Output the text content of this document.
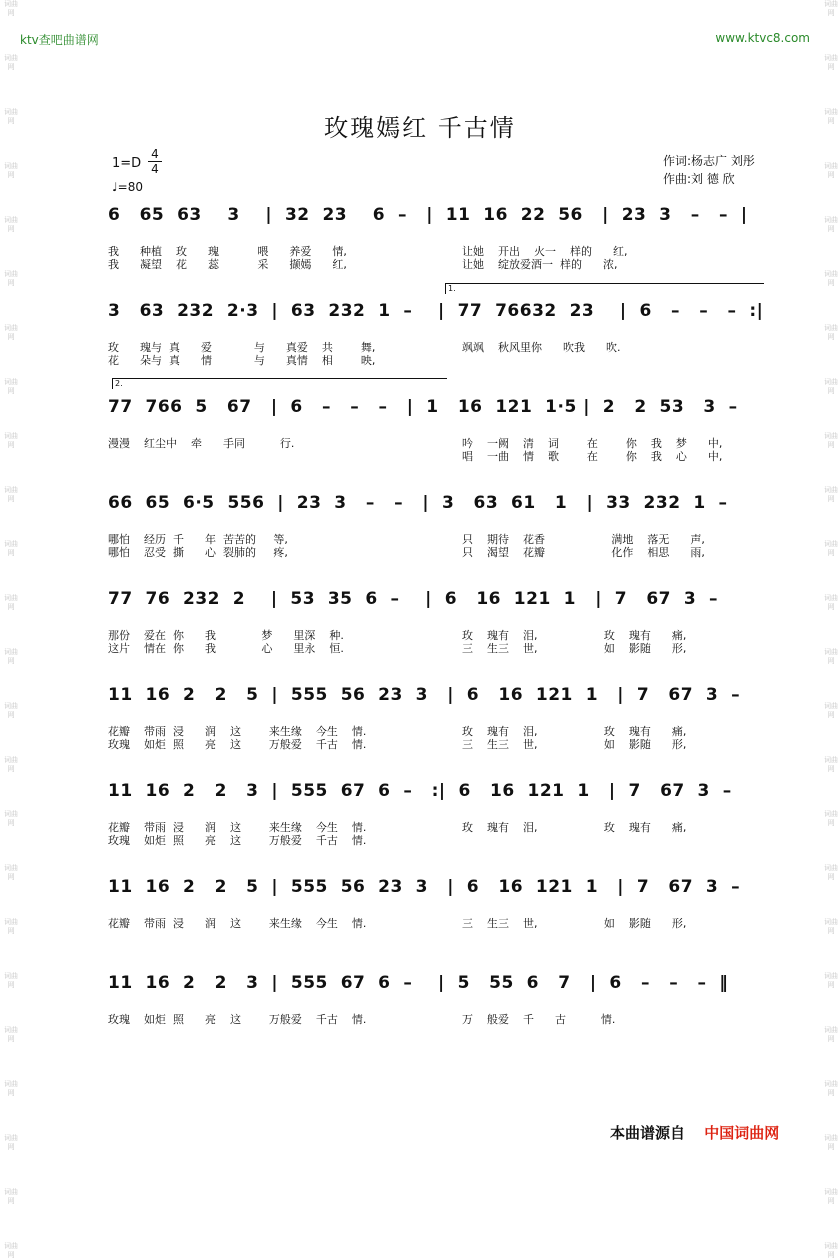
ktv查吧曲谱网	www.ktvc8.com
词曲网
词曲网
词曲网
词曲网
词曲网
词曲网
词曲网
词曲网
词曲网
词曲网
词曲网
词曲网
词曲网
词曲网
词曲网
词曲网
词曲网
词曲网
词曲网
词曲网
词曲网
词曲网
词曲网
词曲网
词曲网
词曲网
词曲网
词曲网
词曲网
词曲网
词曲网
词曲网
词曲网
词曲网
词曲网
词曲网
词曲网
词曲网
词曲网
词曲网
词曲网
词曲网
词曲网
词曲网
词曲网
词曲网
词曲网
词曲网
玫瑰嫣红 千古情
1=D
4
4
♩=80
作词:杨志广 刘彤
作曲:刘 德 欣
6   65  63    3    |  32  23    6  –   |  11  16  22  56   |  23  3   –   –  |
我      种植    玫      瑰           喂      养爱      情,
我      凝望    花      蕊           采      撷嫣      红,
让她    开出    火一    样的      红,
让她    绽放爱酒一  样的      浓,
3   63  232  2·3  |  63  232  1  –    |  77  76632  23    |  6   –   –   –  :|
玫      瑰与  真      爱            与      真爱    共        舞,
花      朵与  真      情            与      真情    相        映,
飒飒    秋风里你      吹我      吹.
77  766  5   67   |  6   –   –   –   |  1   16  121  1·5 |  2   2  53   3  –
漫漫    红尘中    牵      手同          行.	吟    一阙    清    词        在        你    我    梦      中,
唱    一曲    情    歌        在        你    我    心      中,
66  65  6·5  556  |  23  3   –   –   |  3   63  61   1   |  33  232  1  –
哪怕    经历  千      年  苦苦的     等,
哪怕    忍受  撕      心  裂肺的     疼,
只    期待    花香                   满地    落无      声,
只    渴望    花瓣                   化作    相思      雨,
77  76  232  2    |  53  35  6  –    |  6   16  121  1   |  7   67  3  –
那份    爱在  你      我             梦      里深    种.
这片    情在  你      我             心      里永    恒.
玫    瑰有    泪,                   玫    瑰有      痛,
三    生三    世,                   如    影随      形,
11  16  2   2   5  |  555  56  23  3   |  6   16  121  1   |  7   67  3  –
花瓣    带雨  浸      润    这        来生缘    今生    情.
玫瑰    如炬  照      亮    这        万般爱    千古    情.
玫    瑰有    泪,                   玫    瑰有      痛,
三    生三    世,                   如    影随      形,
11  16  2   2   3  |  555  67  6  –   :|  6   16  121  1   |  7   67  3  –
花瓣    带雨  浸      润    这        来生缘    今生    情.
玫瑰    如炬  照      亮    这        万般爱    千古    情.
玫    瑰有    泪,                   玫    瑰有      痛,
11  16  2   2   5  |  555  56  23  3   |  6   16  121  1   |  7   67  3  –
花瓣    带雨  浸      润    这        来生缘    今生    情.	三    生三    世,                   如    影随      形,
11  16  2   2   3  |  555  67  6  –    |  5   55  6   7   |  6   –   –   –  ‖
玫瑰    如炬  照      亮    这        万般爱    千古    情.	万    般爱    千      古          情.
1.
2.
本曲谱源自 中国词曲网
